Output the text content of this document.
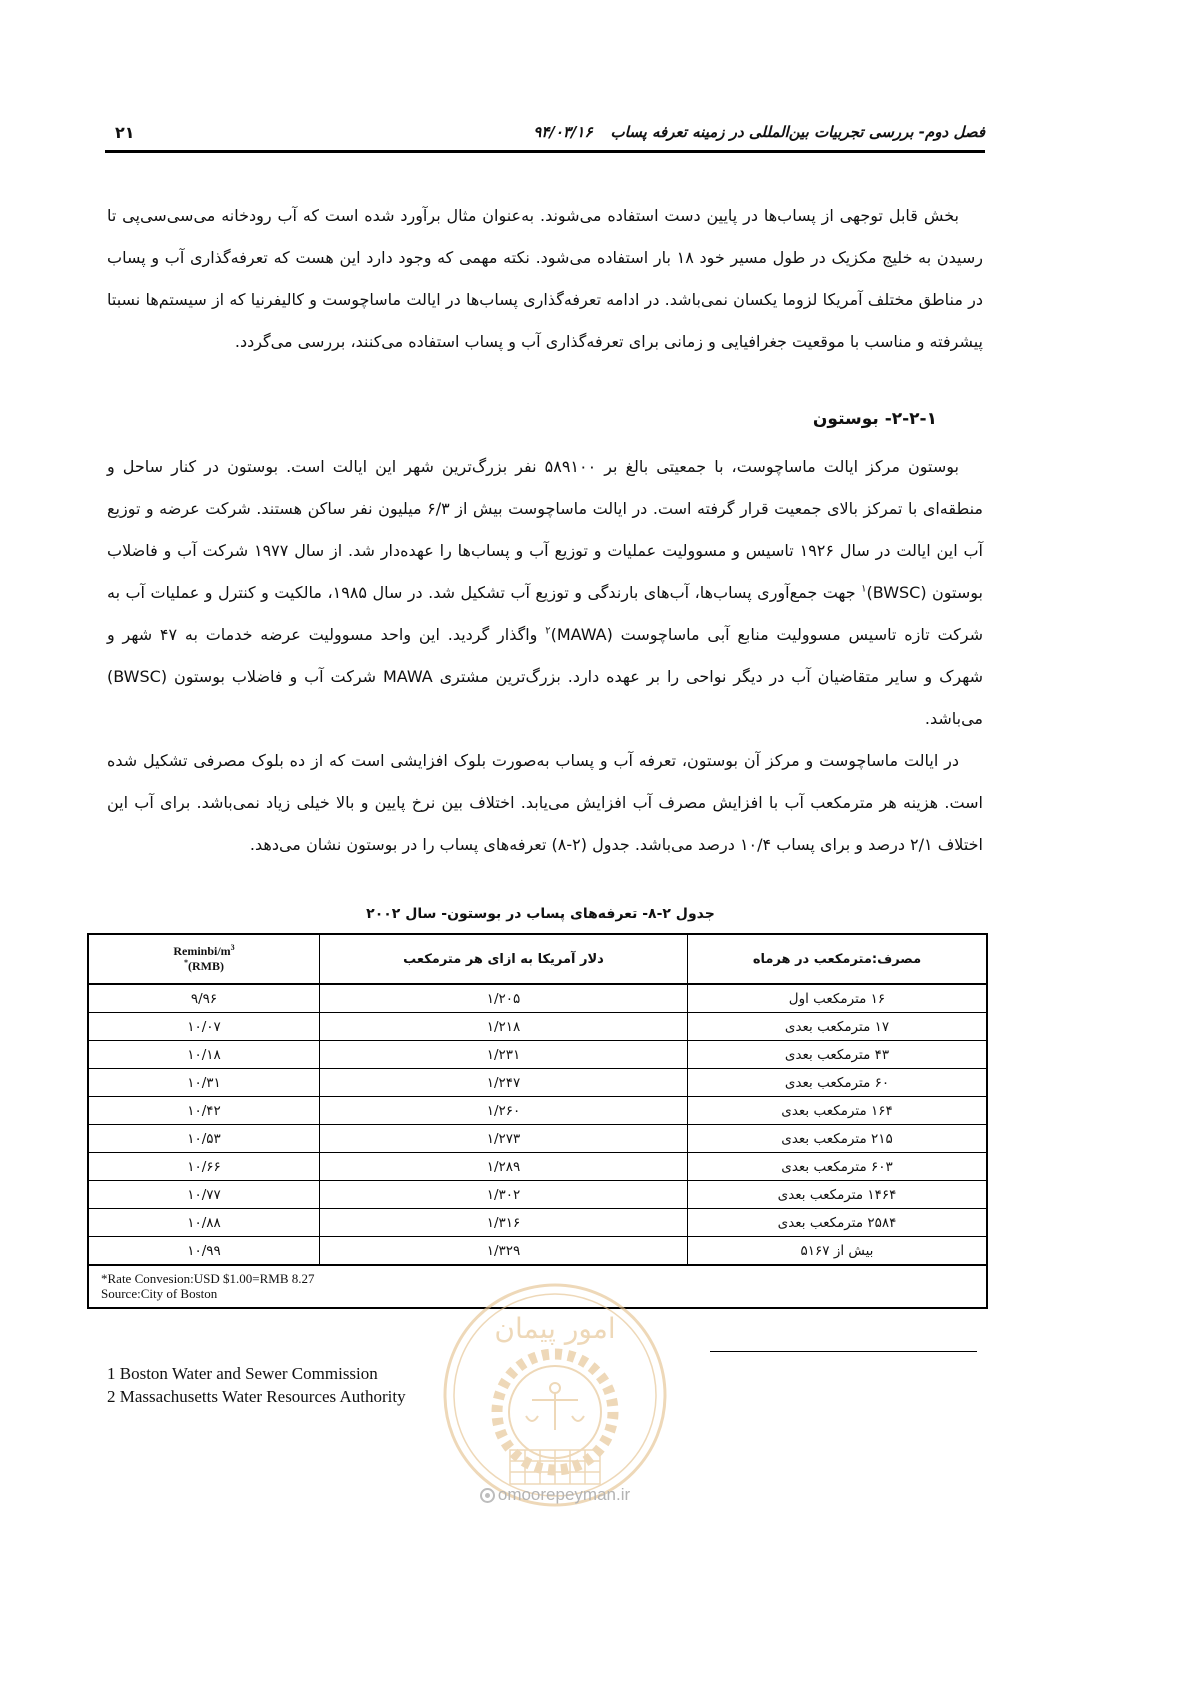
فصل دوم- بررسی تجربیات بین‌المللی در زمینه تعرفه پساب
۹۴/۰۳/۱۶
۲۱

بخش قابل توجهی از پساب‌ها در پایین دست استفاده می‌شوند. به‌عنوان مثال برآورد شده است که آب رودخانه می‌سی‌سی‌پی تا رسیدن به خلیج مکزیک در طول مسیر خود ۱۸ بار استفاده می‌شود. نکته مهمی که وجود دارد این هست که تعرفه‌گذاری آب و پساب در مناطق مختلف آمریکا لزوما یکسان نمی‌باشد. در ادامه تعرفه‌گذاری پساب‌ها در ایالت ماساچوست و کالیفرنیا که از سیستم‌ها نسبتا پیشرفته و مناسب با موقعیت جغرافیایی و زمانی برای تعرفه‌گذاری آب و پساب استفاده می‌کنند، بررسی می‌گردد.

۲-۲-۱- بوستون

بوستون مرکز ایالت ماساچوست، با جمعیتی بالغ بر ۵۸۹۱۰۰ نفر بزرگ‌ترین شهر این ایالت است. بوستون در کنار ساحل و منطقه‌ای با تمرکز بالای جمعیت قرار گرفته است. در ایالت ماساچوست بیش از ۶/۳ میلیون نفر ساکن هستند. شرکت عرضه و توزیع آب این ایالت در سال ۱۹۲۶ تاسیس و مسوولیت عملیات و توزیع آب و پساب‌ها را عهده‌دار شد. از سال ۱۹۷۷ شرکت آب و فاضلاب بوستون (BWSC)$^۱$ جهت جمع‌آوری پساب‌ها، آب‌های بارندگی و توزیع آب تشکیل شد. در سال ۱۹۸۵، مالکیت و کنترل و عملیات آب به شرکت تازه تاسیس مسوولیت منابع آبی ماساچوست (MAWA)$^۲$ واگذار گردید. این واحد مسوولیت عرضه خدمات به ۴۷ شهر و شهرک و سایر متقاضیان آب در دیگر نواحی را بر عهده دارد. بزرگ‌ترین مشتری MAWA شرکت آب و فاضلاب بوستون (BWSC) می‌باشد.

در ایالت ماساچوست و مرکز آن بوستون، تعرفه آب و پساب به‌صورت بلوک افزایشی است که از ده بلوک مصرفی تشکیل شده است. هزینه هر مترمکعب آب با افزایش مصرف آب افزایش می‌یابد. اختلاف بین نرخ پایین و بالا خیلی زیاد نمی‌باشد. برای آب این اختلاف ۲/۱ درصد و برای پساب ۱۰/۴ درصد می‌باشد. جدول (۲-۸) تعرفه‌های پساب را در بوستون نشان می‌دهد.

جدول ۲-۸- تعرفه‌های پساب در بوستون- سال ۲۰۰۲
مصرف:مترمکعب در هرماه	دلار آمریکا به ازای هر مترمکعب	Reminbi/$m^3$
*(RMB)

۱۶ مترمکعب اول	۱/۲۰۵	۹/۹۶
۱۷ مترمکعب بعدی	۱/۲۱۸	۱۰/۰۷
۴۳ مترمکعب بعدی	۱/۲۳۱	۱۰/۱۸
۶۰ مترمکعب بعدی	۱/۲۴۷	۱۰/۳۱
۱۶۴ مترمکعب بعدی	۱/۲۶۰	۱۰/۴۲
۲۱۵ مترمکعب بعدی	۱/۲۷۳	۱۰/۵۳
۶۰۳ مترمکعب بعدی	۱/۲۸۹	۱۰/۶۶
۱۴۶۴ مترمکعب بعدی	۱/۳۰۲	۱۰/۷۷
۲۵۸۴ مترمکعب بعدی	۱/۳۱۶	۱۰/۸۸
بیش از ۵۱۶۷	۱/۳۲۹	۱۰/۹۹

*Rate Convesion:USD $1.00=RMB 8.27
Source:City of Boston		
1 Boston Water and Sewer Commission
2 Massachusetts Water Resources Authority
امور پیمان
omoorepeyman.ir
